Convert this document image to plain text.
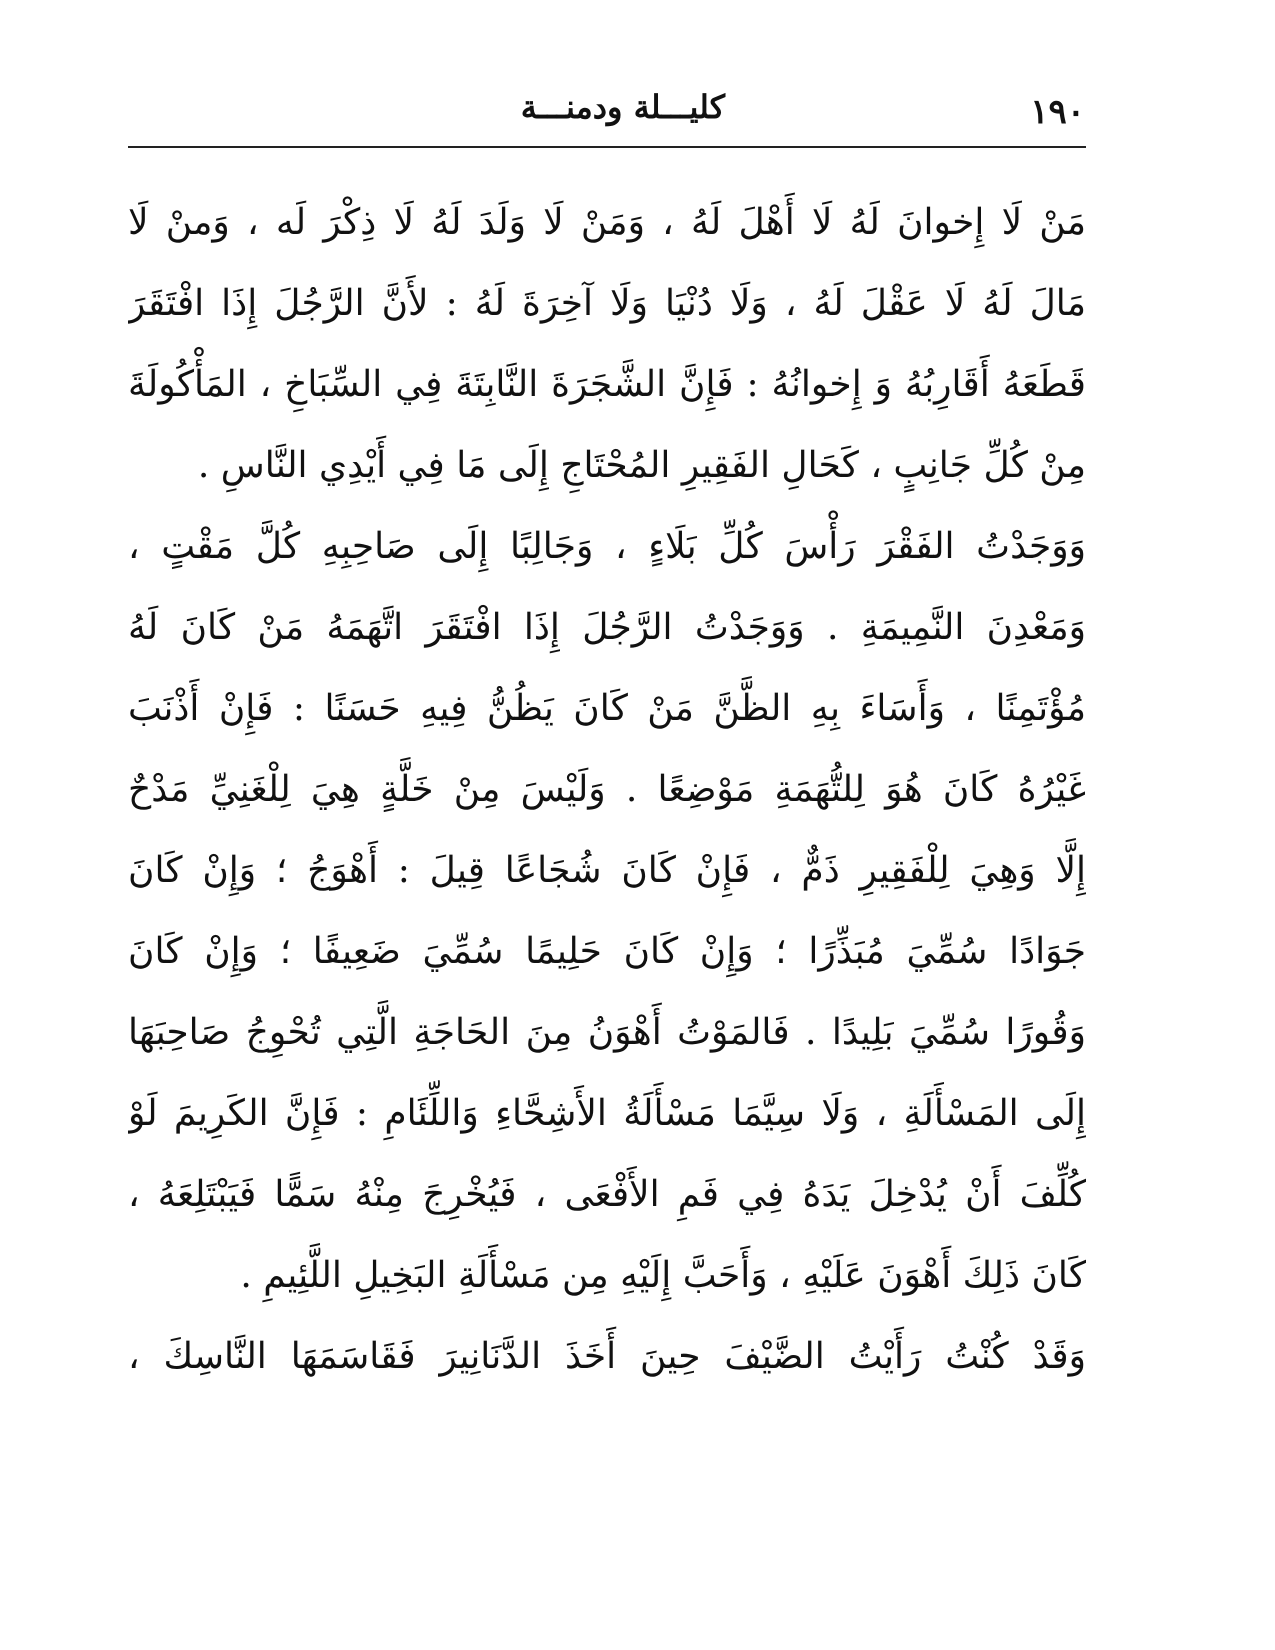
١٩٠
كليـــلة ودمنـــة
مَنْ لَا إِخوانَ لَهُ لَا أَهْلَ لَهُ ، وَمَنْ لَا وَلَدَ لَهُ لَا ذِكْرَ لَه ، وَمنْ لَا
مَالَ لَهُ لَا عَقْلَ لَهُ ، وَلَا دُنْيَا وَلَا آخِرَةَ لَهُ : لأَنَّ الرَّجُلَ إِذَا افْتَقَرَ
قَطَعَهُ أَقَارِبُهُ وَ إِخوانُهُ : فَإِنَّ الشَّجَرَةَ النَّابِتَةَ فِي السِّبَاخِ ، المَأْكُولَةَ
مِنْ كُلِّ جَانِبٍ ، كَحَالِ الفَقِيرِ المُحْتَاجِ إِلَى مَا فِي أَيْدِي النَّاسِ .
وَوَجَدْتُ الفَقْرَ رَأْسَ كُلِّ بَلَاءٍ ، وَجَالِبًا إِلَى صَاحِبِهِ كُلَّ مَقْتٍ ،
وَمَعْدِنَ النَّمِيمَةِ . وَوَجَدْتُ الرَّجُلَ إِذَا افْتَقَرَ اتَّهَمَهُ مَنْ كَانَ لَهُ
مُؤْتَمِنًا ، وَأَسَاءَ بِهِ الظَّنَّ مَنْ كَانَ يَظُنُّ فِيهِ حَسَنًا : فَإِنْ أَذْنَبَ
غَيْرُهُ كَانَ هُوَ لِلتُّهَمَةِ مَوْضِعًا . وَلَيْسَ مِنْ خَلَّةٍ هِيَ لِلْغَنِيِّ مَدْحٌ
إِلَّا وَهِيَ لِلْفَقِيرِ ذَمٌّ ، فَإِنْ كَانَ شُجَاعًا قِيلَ : أَهْوَجُ ؛ وَإِنْ كَانَ
جَوَادًا سُمِّيَ مُبَذِّرًا ؛ وَإِنْ كَانَ حَلِيمًا سُمِّيَ ضَعِيفًا ؛ وَإِنْ كَانَ
وَقُورًا سُمِّيَ بَلِيدًا . فَالمَوْتُ أَهْوَنُ مِنَ الحَاجَةِ الَّتِي تُحْوِجُ صَاحِبَهَا
إِلَى المَسْأَلَةِ ، وَلَا سِيَّمَا مَسْأَلَةُ الأَشِحَّاءِ وَاللِّئَامِ : فَإِنَّ الكَرِيمَ لَوْ
كُلِّفَ أَنْ يُدْخِلَ يَدَهُ فِي فَمِ الأَفْعَى ، فَيُخْرِجَ مِنْهُ سَمًّا فَيَبْتَلِعَهُ ،
كَانَ ذَلِكَ أَهْوَنَ عَلَيْهِ ، وَأَحَبَّ إِلَيْهِ مِن مَسْأَلَةِ البَخِيلِ اللَّئِيمِ .
وَقَدْ كُنْتُ رَأَيْتُ الضَّيْفَ حِينَ أَخَذَ الدَّنَانِيرَ فَقَاسَمَهَا النَّاسِكَ ،
